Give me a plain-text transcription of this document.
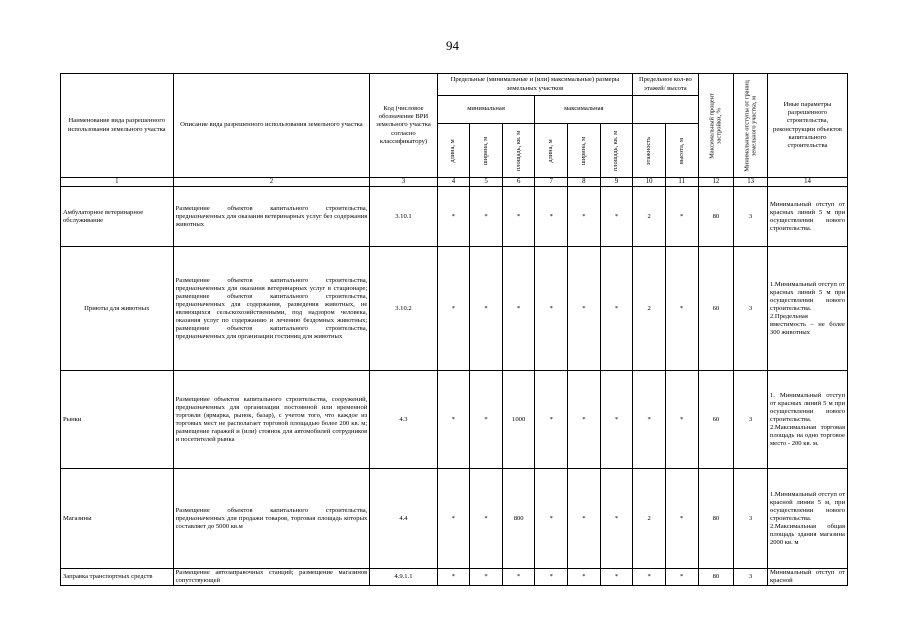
94
Наименование вида разрешенного использования земельного участка	Описание вида разрешенного использования земельного участка	Код (числовое обозначение ВРИ земельного участка согласно классификатору)	Предельные (минимальные и (или) максимальные) размеры земельных участков						Предельное кол-во этажей/ высота		Максимальный процент застройки, %	Минимальные отступы от границ земельного участка, м	Иные параметры разрешенного строительства, реконструкции объектов капитального строительства
			минимальная			максимальная							

			длина, м	ширина, м	площадь, кв. м	длина, м	ширина, м	площадь, кв. м	этажность	высота, м			

1	2	3	4	5	6	7	8	9	10	11	12	13	14
Амбулаторное ветеринарное обслуживание	Размещение объектов капитального строительства, предназначенных для оказания ветеринарных услуг без содержания животных	3.10.1	*	*	*	*	*	*	2	*	80	3	Минимальный отступ от красных линий 5 м при осуществлении нового строительства.
Приюты для животных	Размещение объектов капитального строительства, предназначенных для оказания ветеринарных услуг в стационаре; размещение объектов капитального строительства, предназначенных для содержания, разведения животных, не являющихся сельскохозяйственными, под надзором человека, оказания услуг по содержанию и лечению бездомных животных; размещение объектов капитального строительства, предназначенных для организации гостиниц для животных	3.10.2	*	*	*	*	*	*	2	*	60	3	1.Минимальный отступ от красных линий 5 м при осуществлении нового строительства. 2.Предельная вместимость – не более 300 животных
Рынки	Размещение объектов капитального строительства, сооружений, предназначенных для организации постоянной или временной торговли (ярмарка, рынок, базар), с учетом того, что каждое из торговых мест не располагает торговой площадью более 200 кв. м; размещение гаражей и (или) стоянок для автомобилей сотрудников и посетителей рынка	4.3	*	*	1000	*	*	*	*	*	60	3	1. Минимальный отступ от красных линий 5 м при осуществлении нового строительства. 2.Максимальная торговая площадь на одно торговое место - 200 кв. м.
Магазины	Размещение объектов капитального строительства, предназначенных для продажи товаров, торговая площадь которых составляет до 5000 кв.м	4.4	*	*	800	*	*	*	2	*	80	3	1.Минимальный отступ от красной линии 5 м, при осуществлении нового строительства. 2.Максимальная общая площадь здания магазина 2000 кв. м
Заправка транспортных средств	Размещение автозаправочных станций; размещение магазинов сопутствующей	4.9.1.1	*	*	*	*	*	*	*	*	80	3	Минимальный отступ от красной
